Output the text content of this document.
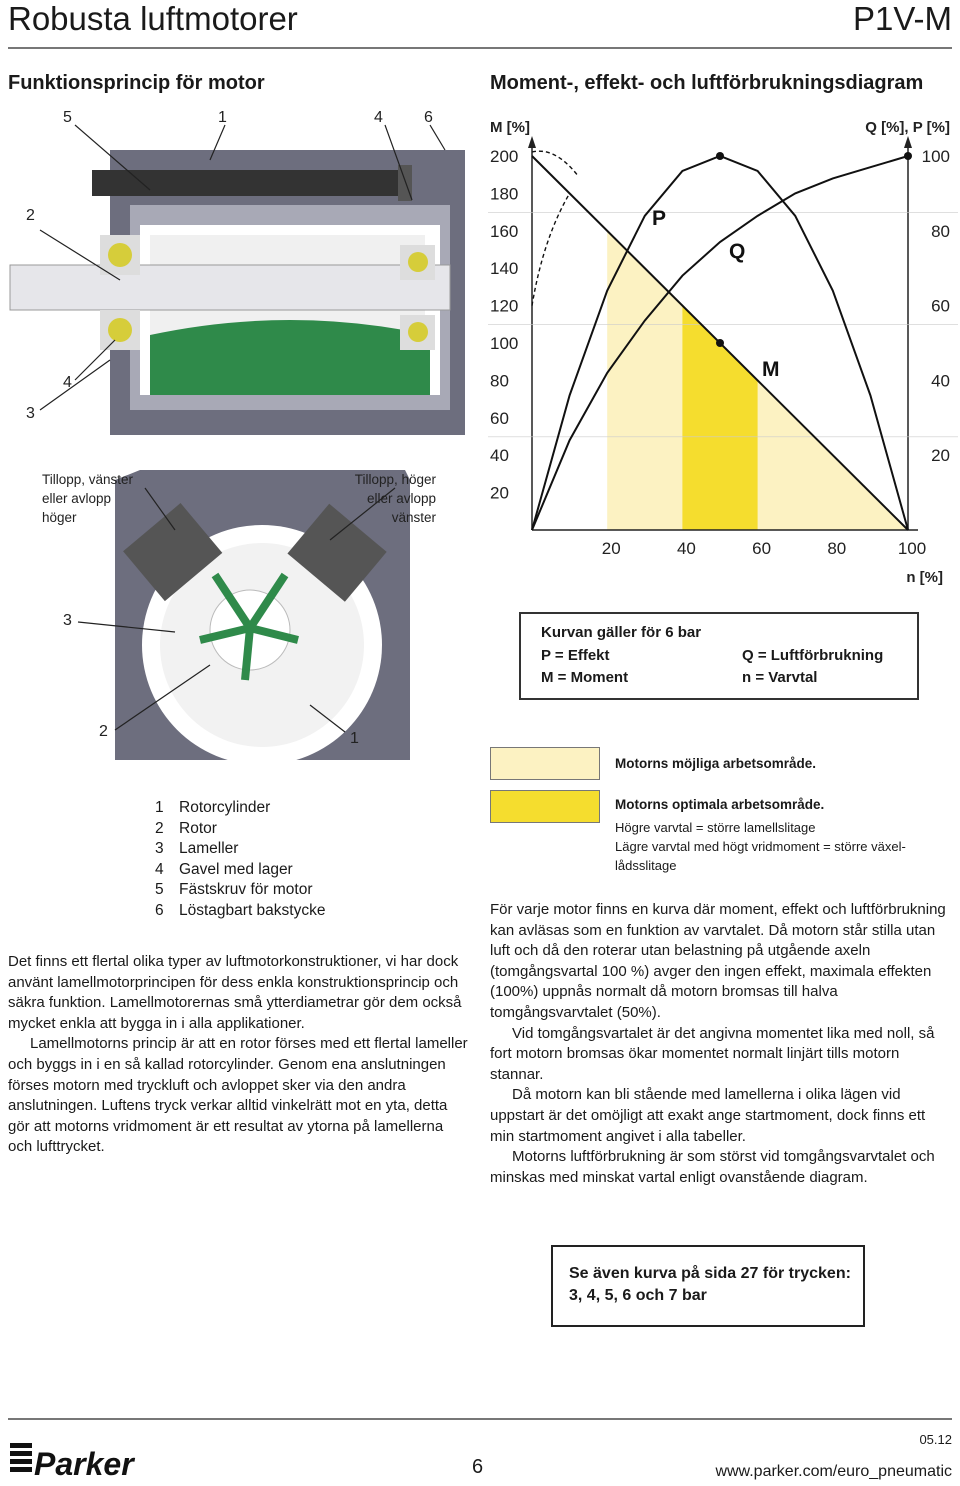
Robusta luftmotorer	P1V-M
Funktionsprincip för motor	Moment-, effekt- och luftförbrukningsdiagram
5	1	4	6
2
4
3
Tillopp, vänster
eller avlopp
höger
Tillopp, höger
eller avlopp
vänster
3
2	1
1 Rotorcylinder
2 Rotor
3 Lameller
4 Gavel med lager
5 Fästskruv för motor
6 Löstagbart bakstycke

Det finns ett flertal olika typer av luftmotorkonstruktioner, vi har dock använt lamellmotorprincipen för dess enkla konstruktionsprincip och säkra funktion. Lamellmotorernas små ytterdiametrar gör dem också mycket enkla att bygga in i alla applikationer.

Lamellmotorns princip är att en rotor förses med ett flertal lameller och byggs in i en så kallad rotorcylinder. Genom ena anslutningen förses motorn med tryckluft och avloppet sker via den andra anslutningen. Luftens tryck verkar alltid vinkelrätt mot en yta, detta gör att motorns vridmoment är ett resultat av ytorna på lamellerna och lufttrycket.

200
180
160
140
120
100
80
60
40
20
100
80
60
40
20
20	40	60	80	100
M [%]	Q [%], P [%]
n [%]
P
Q
M
Kurvan gäller för 6 bar
P = Effekt
M = Moment
Q = Luftförbrukning
n = Varvtal
Motorns möjliga arbetsområde.
Motorns optimala arbetsområde.
Högre varvtal = större lamellslitage
Lägre varvtal med högt vridmoment = större växel-
lådsslitage

För varje motor finns en kurva där moment, effekt och luftförbrukning kan avläsas som en funktion av varvtalet. Då motorn står stilla utan luft och då den roterar utan belastning på utgående axeln (tomgångsvartal 100 %) avger den ingen effekt, maximala effekten (100%) uppnås normalt då motorn bromsas till halva tomgångsvarvtalet (50%).

Vid tomgångsvartalet är det angivna momentet lika med noll, så fort motorn bromsas ökar momentet normalt linjärt tills motorn stannar.

Då motorn kan bli stående med lamellerna i olika lägen vid uppstart är det omöjligt att exakt ange startmoment, dock finns ett min startmoment angivet i alla tabeller.

Motorns luftförbrukning är som störst vid tomgångsvarvtalet och minskas med minskat vartal enligt ovanstående diagram.

Se även kurva på sida 27 för trycken:
3, 4, 5, 6 och 7 bar
Parker	6
05.12
www.parker.com/euro_pneumatic
